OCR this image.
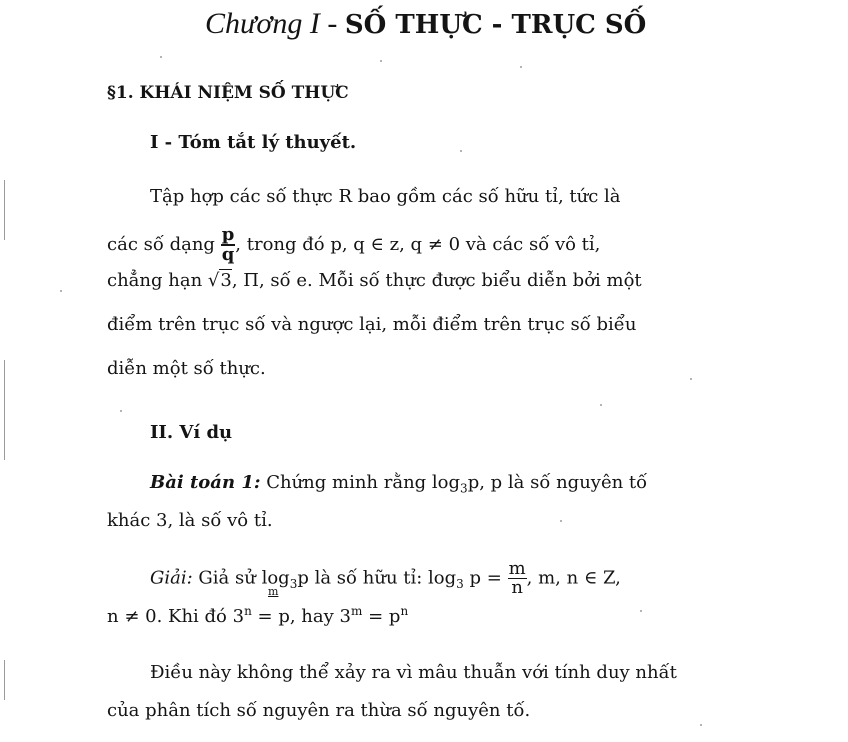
Chương I - SỐ THỰC - TRỤC SỐ
§1. KHÁI NIỆM SỐ THỰC
I - Tóm tắt lý thuyết.
Tập hợp các số thực R bao gồm các số hữu tỉ, tức là
các số dạng $\frac{p}{q}$ , trong đó p, q ∈ z, q ≠ 0 và các số vô tỉ,
chẳng hạn √3, Π, số e. Mỗi số thực được biểu diễn bởi một
điểm trên trục số và ngược lại, mỗi điểm trên trục số biểu
diễn một số thực.
II. Ví dụ
Bài toán 1: Chứng minh rằng $\log_3p$, p là số nguyên tố
khác 3, là số vô tỉ.
Giải: Giả sử $\log_3p$ là số hữu tỉ: $\log_3 p = \frac{m}{n}$ , m, n ∈ Z,
m
n ≠ 0. Khi đó $3^n = p$, hay $3^m = p^n$
Điều này không thể xảy ra vì mâu thuẫn với tính duy nhất
của phân tích số nguyên ra thừa số nguyên tố.
